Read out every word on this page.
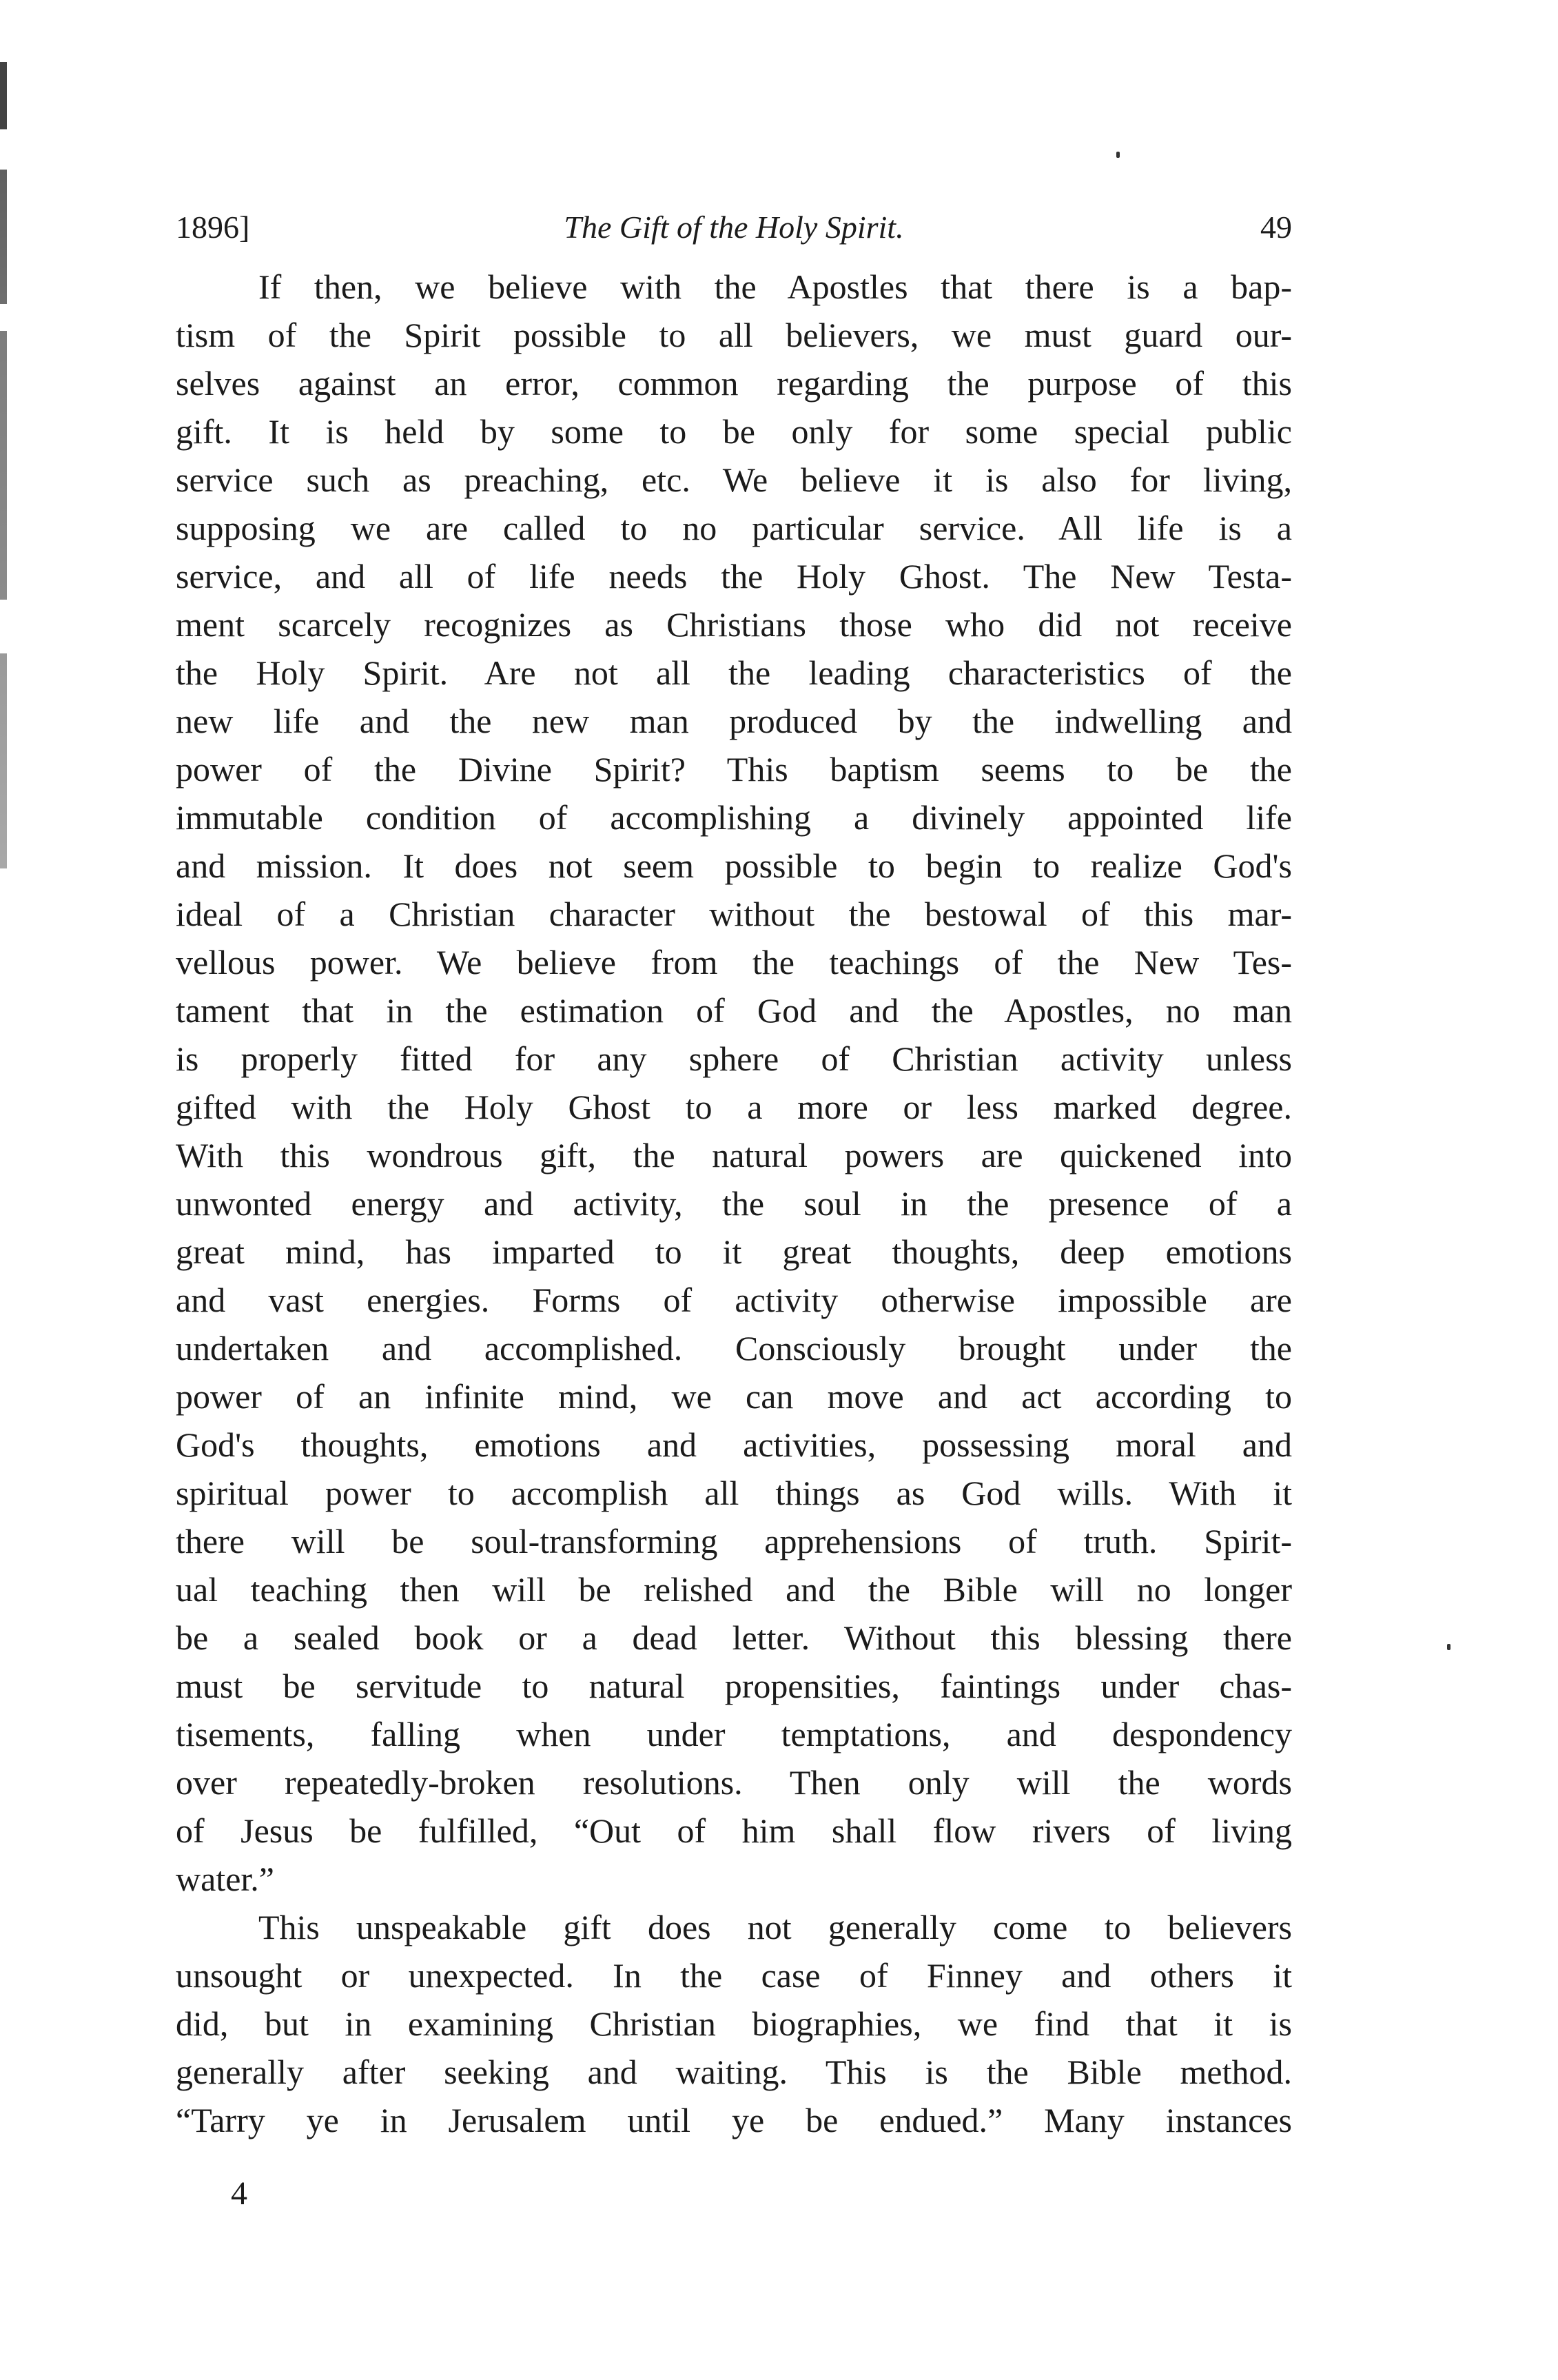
1896]	The Gift of the Holy Spirit.	49
If then, we believe with the Apostles that there is a bap-
tism of the Spirit possible to all believers, we must guard our-
selves against an error, common regarding the purpose of this
gift. It is held by some to be only for some special public
service such as preaching, etc. We believe it is also for living,
supposing we are called to no particular service. All life is a
service, and all of life needs the Holy Ghost. The New Testa-
ment scarcely recognizes as Christians those who did not receive
the Holy Spirit. Are not all the leading characteristics of the
new life and the new man produced by the indwelling and
power of the Divine Spirit? This baptism seems to be the
immutable condition of accomplishing a divinely appointed life
and mission. It does not seem possible to begin to realize God's
ideal of a Christian character without the bestowal of this mar-
vellous power. We believe from the teachings of the New Tes-
tament that in the estimation of God and the Apostles, no man
is properly fitted for any sphere of Christian activity unless
gifted with the Holy Ghost to a more or less marked degree.
With this wondrous gift, the natural powers are quickened into
unwonted energy and activity, the soul in the presence of a
great mind, has imparted to it great thoughts, deep emotions
and vast energies. Forms of activity otherwise impossible are
undertaken and accomplished. Consciously brought under the
power of an infinite mind, we can move and act according to
God's thoughts, emotions and activities, possessing moral and
spiritual power to accomplish all things as God wills. With it
there will be soul-transforming apprehensions of truth. Spirit-
ual teaching then will be relished and the Bible will no longer
be a sealed book or a dead letter. Without this blessing there
must be servitude to natural propensities, faintings under chas-
tisements, falling when under temptations, and despondency
over repeatedly-broken resolutions. Then only will the words
of Jesus be fulfilled, “Out of him shall flow rivers of living
water.”
This unspeakable gift does not generally come to believers
unsought or unexpected. In the case of Finney and others it
did, but in examining Christian biographies, we find that it is
generally after seeking and waiting. This is the Bible method.
“Tarry ye in Jerusalem until ye be endued.” Many instances
4
